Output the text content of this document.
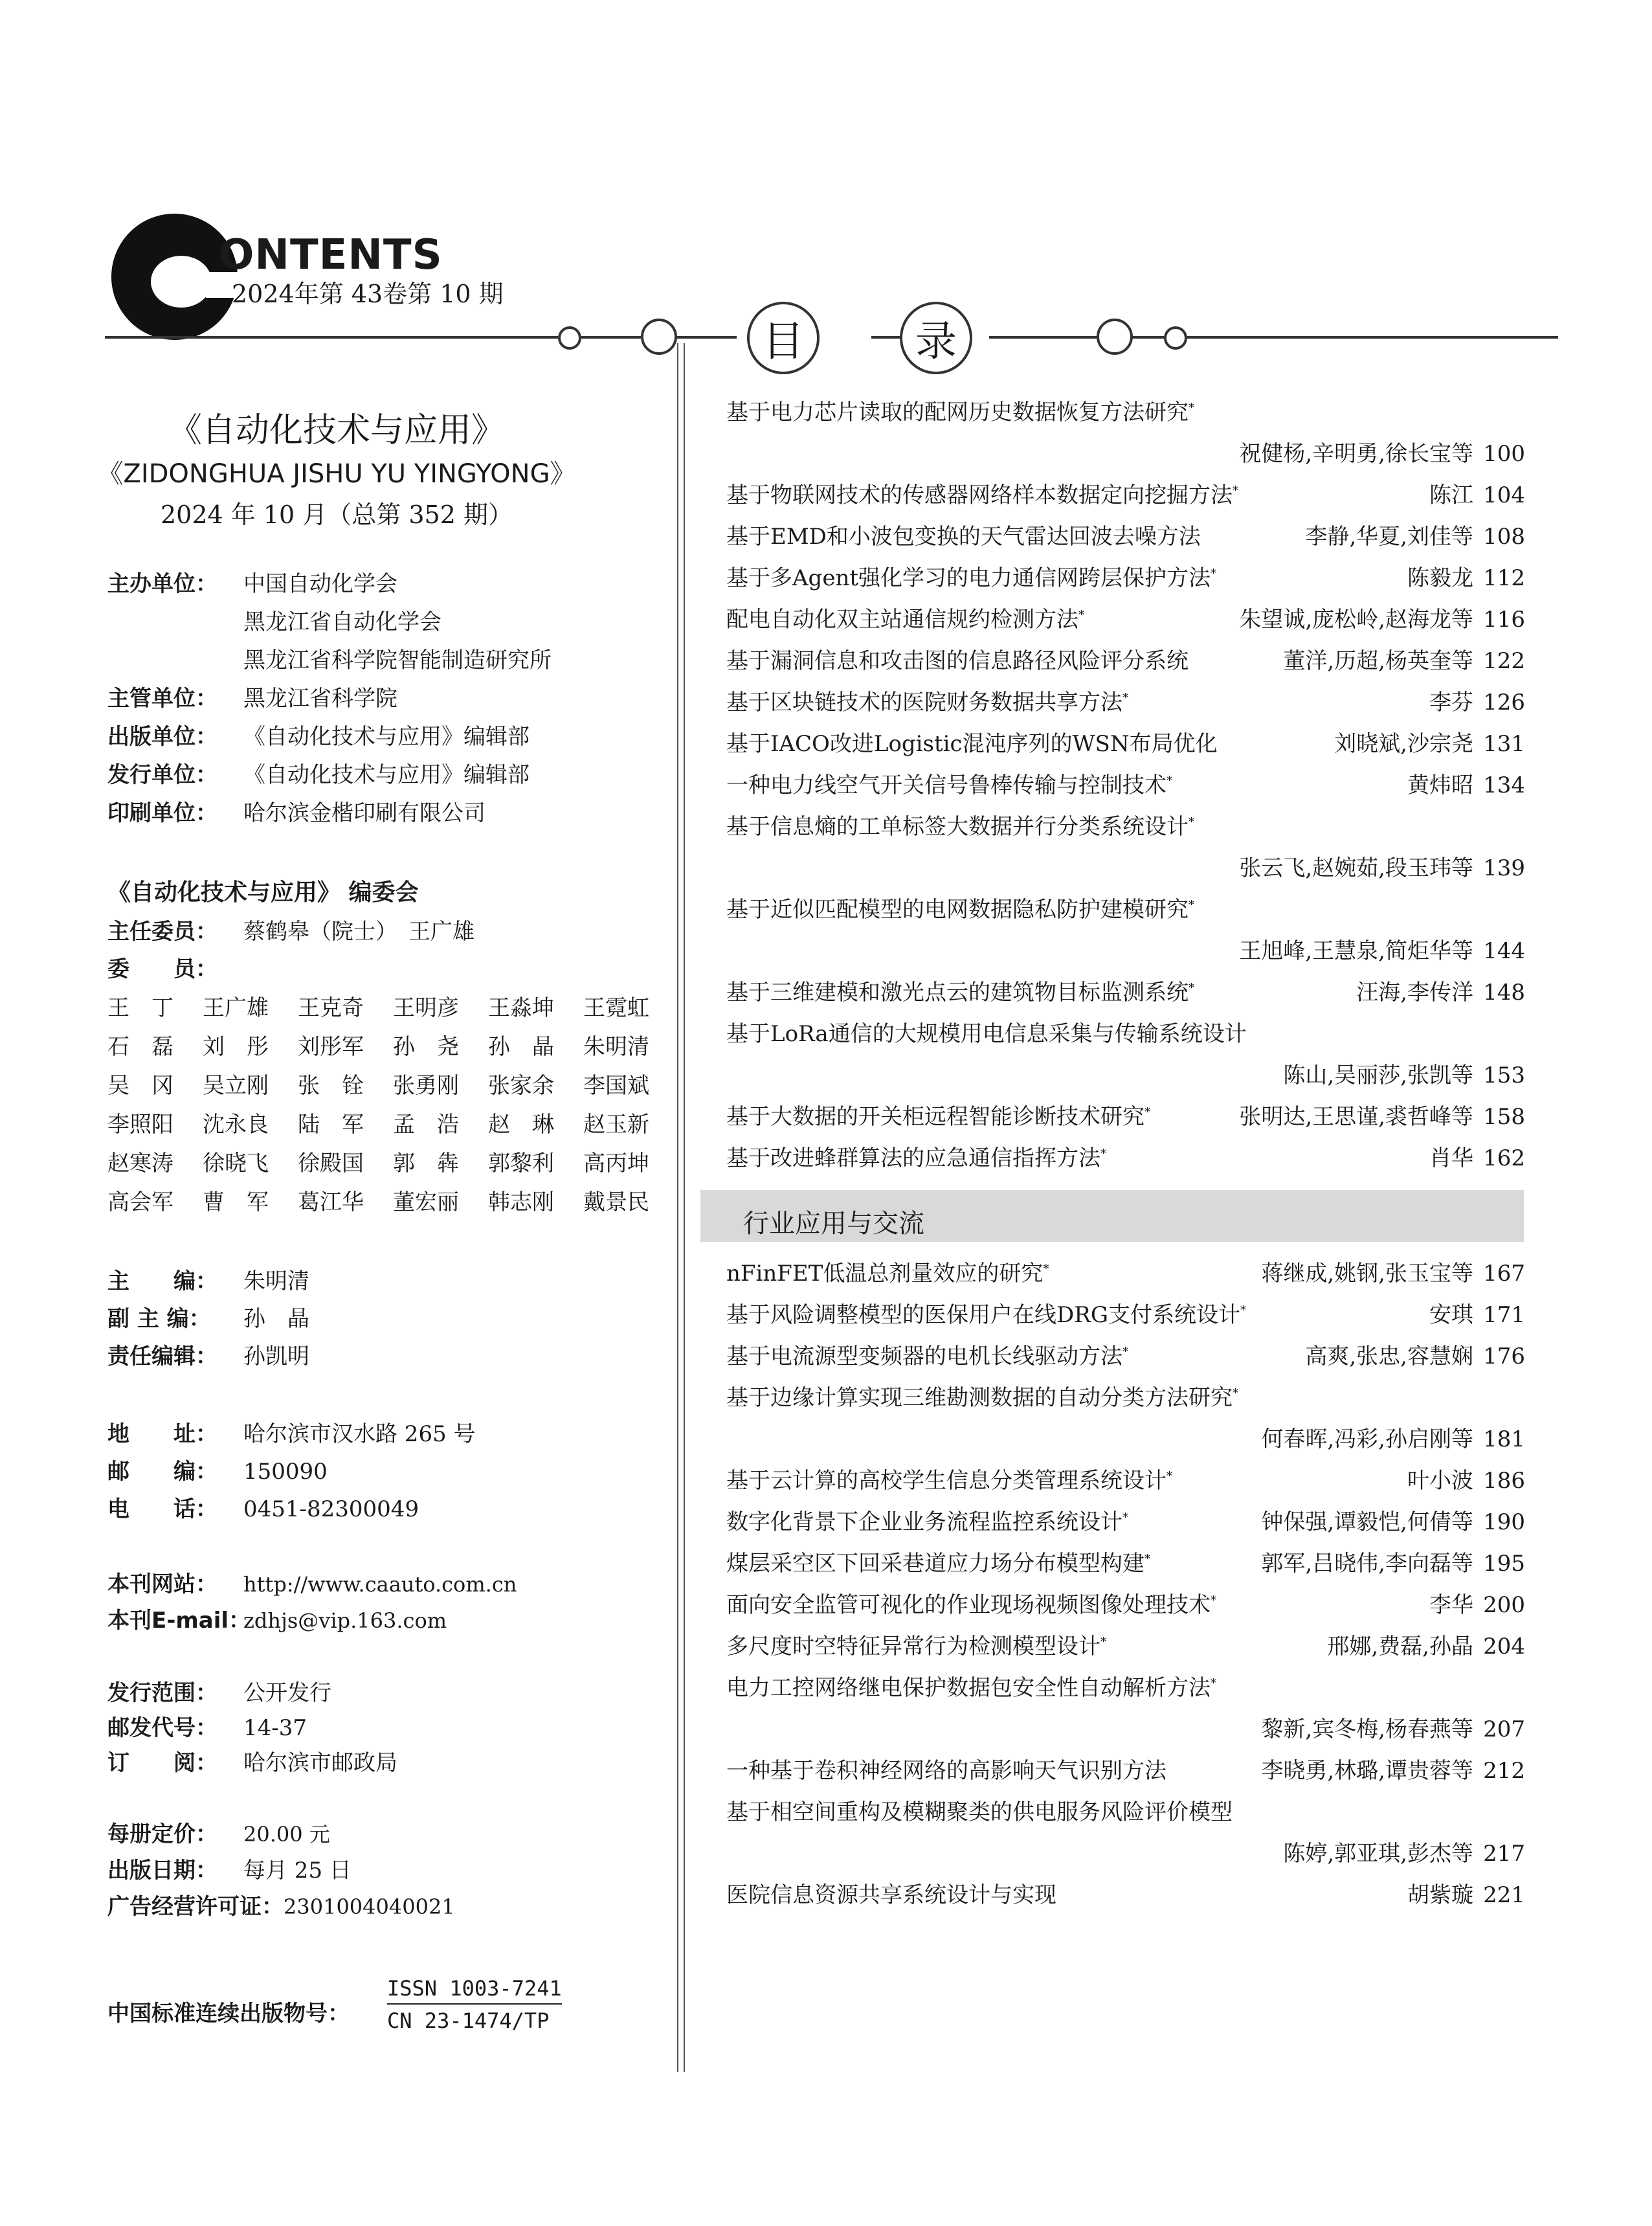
ONTENTS
2024年第 43卷第 10 期
目	录
《自动化技术与应用》
《ZIDONGHUA JISHU YU YINGYONG》
2024 年 10 月（总第 352 期）
主办单位： 中国自动化学会
黑龙江省自动化学会
黑龙江省科学院智能制造研究所
主管单位： 黑龙江省科学院
出版单位： 《自动化技术与应用》编辑部
发行单位： 《自动化技术与应用》编辑部
印刷单位： 哈尔滨金楷印刷有限公司
《自动化技术与应用》 编委会
主任委员： 蔡鹤皋（院士）　王广雄
委　　员：
王　丁 王广雄 王克奇 王明彦 王淼坤 王霓虹
石　磊 刘　彤 刘彤军 孙　尧 孙　晶 朱明清
吴　冈 吴立刚 张　铨 张勇刚 张家余 李国斌
李照阳 沈永良 陆　军 孟　浩 赵　琳 赵玉新
赵寒涛 徐晓飞 徐殿国 郭　犇 郭黎利 高丙坤
高会军 曹　军 葛江华 董宏丽 韩志刚 戴景民
主　　编： 朱明清
副 主 编： 孙　晶
责任编辑： 孙凯明
地　　址： 哈尔滨市汉水路 265 号
邮　　编： 150090
电　　话： 0451-82300049
本刊网站： http://www.caauto.com.cn
本刊E-mail：zdhjs@vip.163.com
发行范围： 公开发行
邮发代号： 14-37
订　　阅： 哈尔滨市邮政局
每册定价： 20.00 元
出版日期： 每月 25 日
广告经营许可证：2301004040021
中国标准连续出版物号：
ISSN 1003-7241
CN 23-1474/TP
行业应用与交流
基于电力芯片读取的配网历史数据恢复方法研究*
祝健杨,辛明勇,徐长宝等 100
基于物联网技术的传感器网络样本数据定向挖掘方法*	陈江 104
基于EMD和小波包变换的天气雷达回波去噪方法	李静,华夏,刘佳等 108
基于多Agent强化学习的电力通信网跨层保护方法*	陈毅龙 112
配电自动化双主站通信规约检测方法*	朱望诚,庞松岭,赵海龙等 116
基于漏洞信息和攻击图的信息路径风险评分系统	董洋,历超,杨英奎等 122
基于区块链技术的医院财务数据共享方法*	李芬 126
基于IACO改进Logistic混沌序列的WSN布局优化	刘晓斌,沙宗尧 131
一种电力线空气开关信号鲁棒传输与控制技术*	黄炜昭 134
基于信息熵的工单标签大数据并行分类系统设计*
张云飞,赵婉茹,段玉玮等 139
基于近似匹配模型的电网数据隐私防护建模研究*
王旭峰,王慧泉,简炬华等 144
基于三维建模和激光点云的建筑物目标监测系统*	汪海,李传洋 148
基于LoRa通信的大规模用电信息采集与传输系统设计
陈山,吴丽莎,张凯等 153
基于大数据的开关柜远程智能诊断技术研究*	张明达,王思谨,裘哲峰等 158
基于改进蜂群算法的应急通信指挥方法*	肖华 162
nFinFET低温总剂量效应的研究*	蒋继成,姚钢,张玉宝等 167
基于风险调整模型的医保用户在线DRG支付系统设计*	安琪 171
基于电流源型变频器的电机长线驱动方法*	高爽,张忠,容慧娴 176
基于边缘计算实现三维勘测数据的自动分类方法研究*
何春晖,冯彩,孙启刚等 181
基于云计算的高校学生信息分类管理系统设计*	叶小波 186
数字化背景下企业业务流程监控系统设计*	钟保强,谭毅恺,何倩等 190
煤层采空区下回采巷道应力场分布模型构建*	郭军,吕晓伟,李向磊等 195
面向安全监管可视化的作业现场视频图像处理技术*	李华 200
多尺度时空特征异常行为检测模型设计*	邢娜,费磊,孙晶 204
电力工控网络继电保护数据包安全性自动解析方法*
黎新,宾冬梅,杨春燕等 207
一种基于卷积神经网络的高影响天气识别方法	李晓勇,林璐,谭贵蓉等 212
基于相空间重构及模糊聚类的供电服务风险评价模型
陈婷,郭亚琪,彭杰等 217
医院信息资源共享系统设计与实现	胡紫璇 221
